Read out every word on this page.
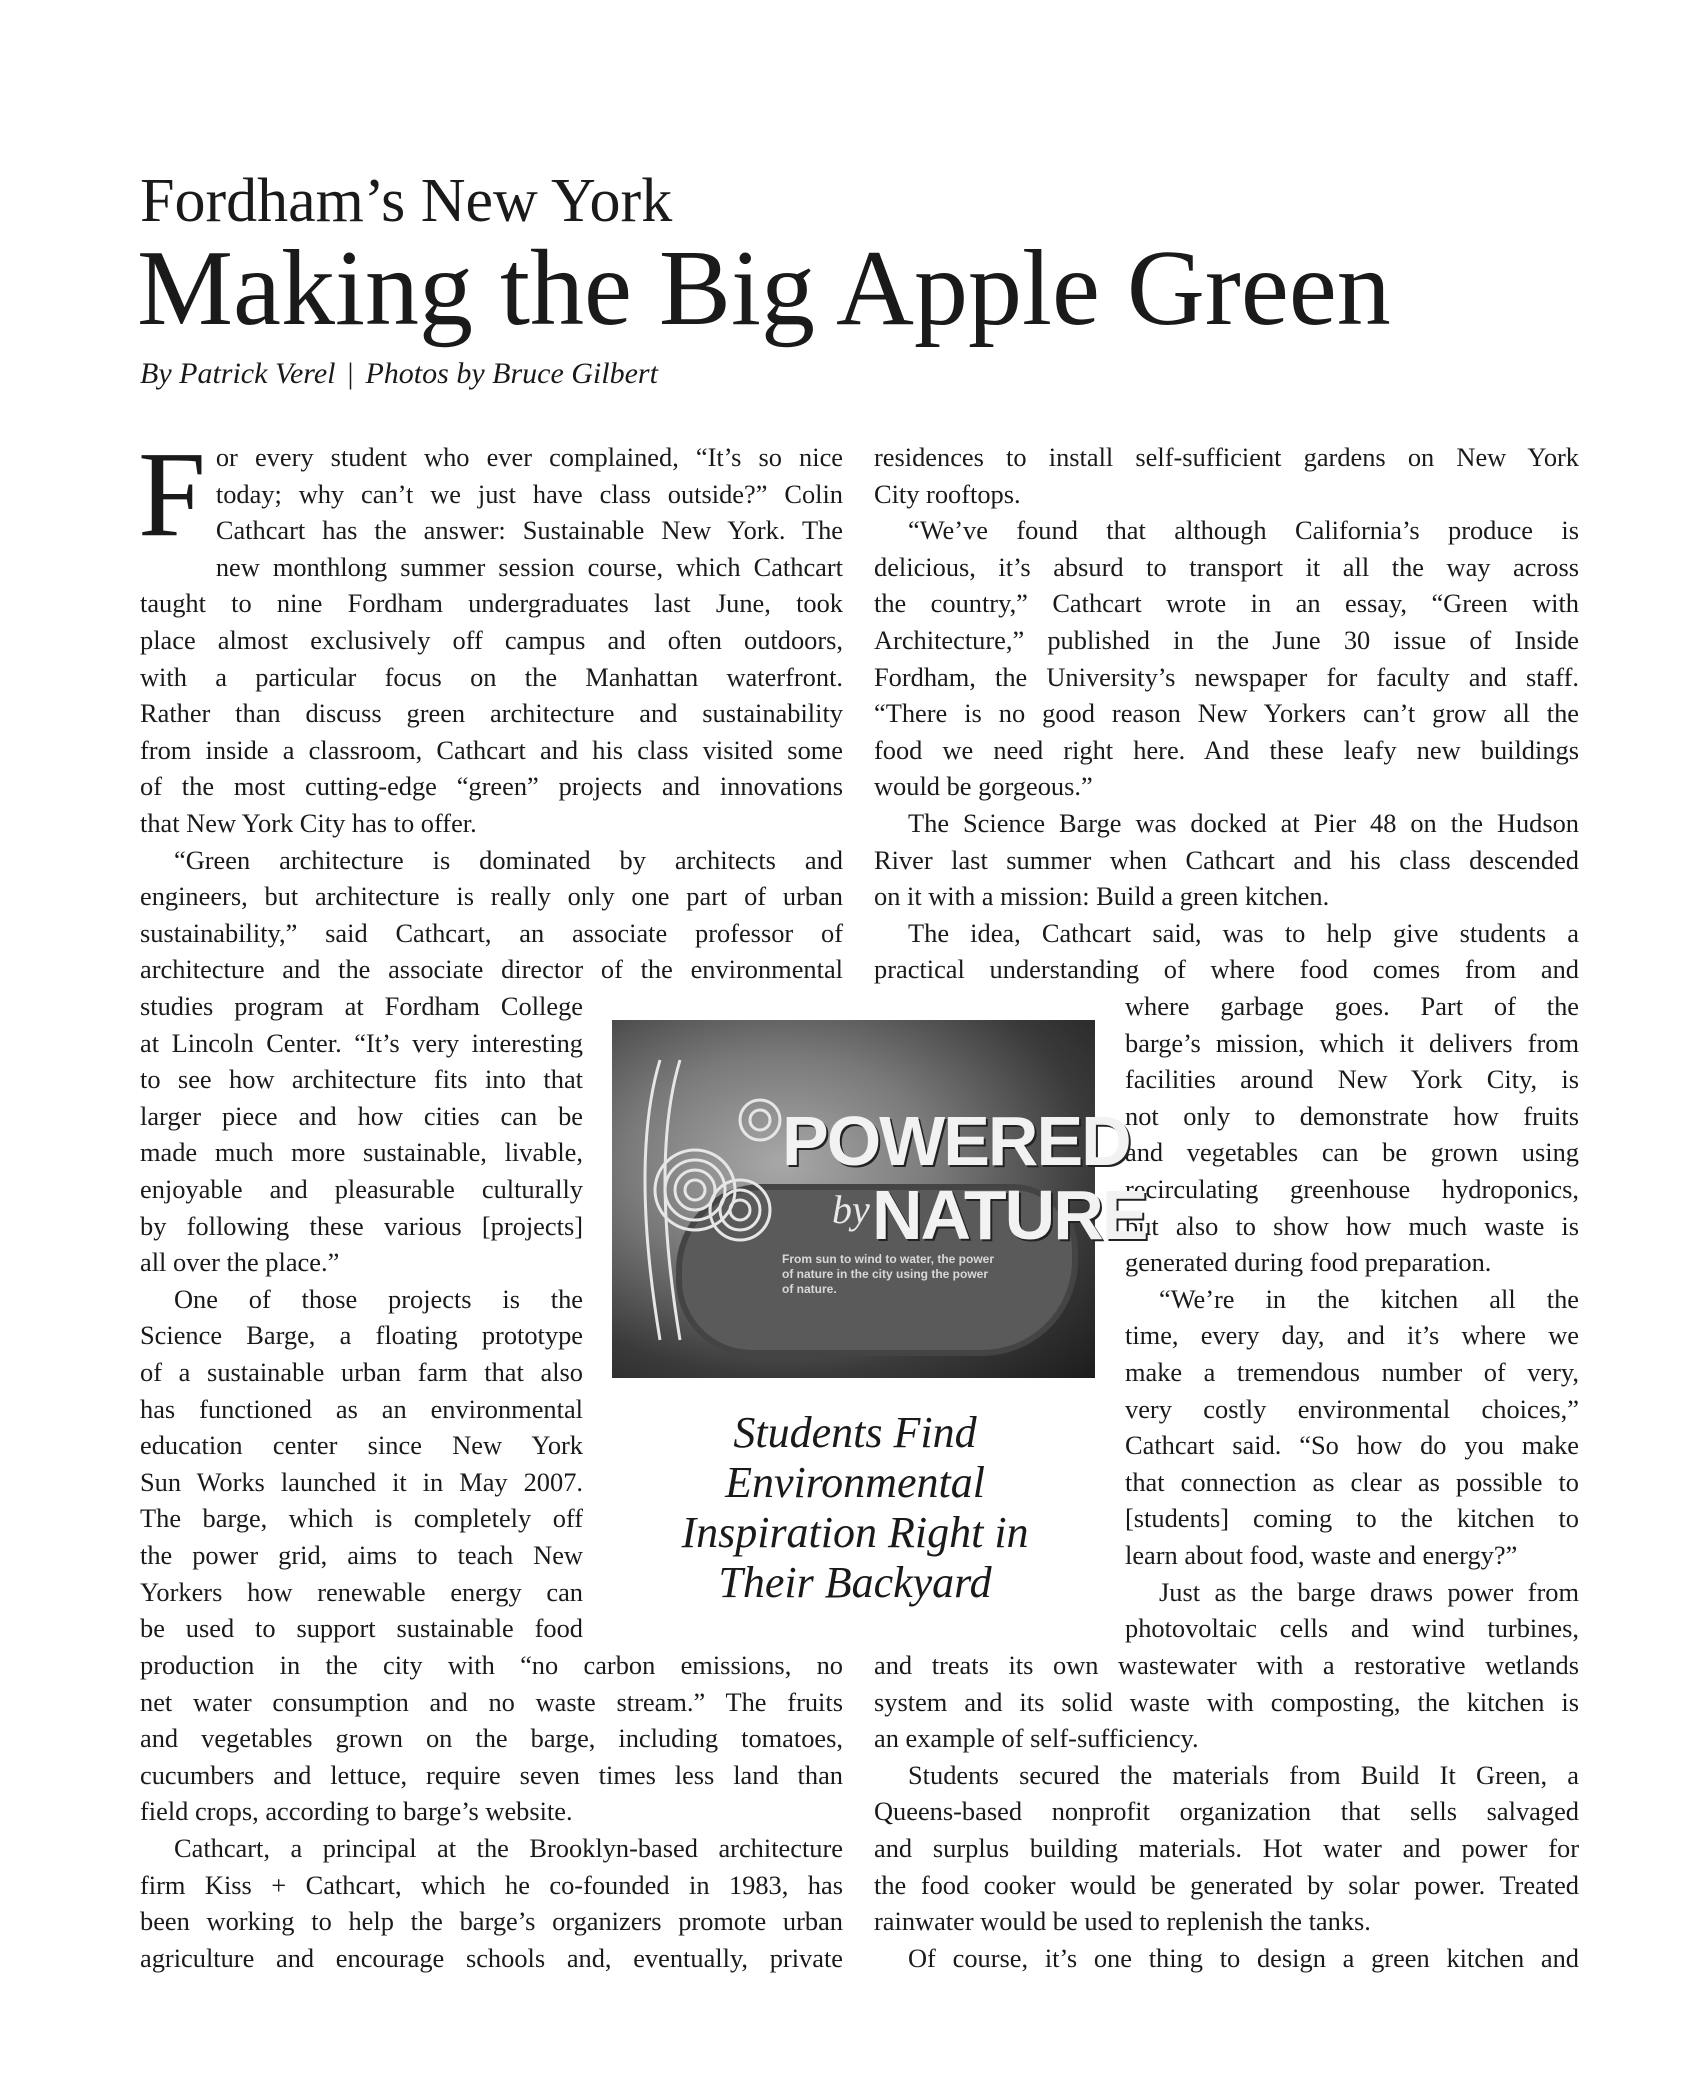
Fordham’s New York
Making the Big Apple Green
By Patrick Verel | Photos by Bruce Gilbert
F or every student who ever complained, “It’s so nice
today; why can’t we just have class outside?” Colin
Cathcart has the answer: Sustainable New York. The
new monthlong summer session course, which Cathcart
taught to nine Fordham undergraduates last June, took
place almost exclusively off campus and often outdoors,
with a particular focus on the Manhattan waterfront.
Rather than discuss green architecture and sustainability
from inside a classroom, Cathcart and his class visited some
of the most cutting-edge “green” projects and innovations
that New York City has to offer.
“Green architecture is dominated by architects and
engineers, but architecture is really only one part of urban
sustainability,” said Cathcart, an associate professor of
architecture and the associate director of the environmental
studies program at Fordham College
at Lincoln Center. “It’s very interesting
to see how architecture fits into that
larger piece and how cities can be
made much more sustainable, livable,
enjoyable and pleasurable culturally
by following these various [projects]
all over the place.”
One of those projects is the
Science Barge, a floating prototype
of a sustainable urban farm that also
has functioned as an environmental
education center since New York
Sun Works launched it in May 2007.
The barge, which is completely off
the power grid, aims to teach New
Yorkers how renewable energy can
be used to support sustainable food
production in the city with “no carbon emissions, no
net water consumption and no waste stream.” The fruits
and vegetables grown on the barge, including tomatoes,
cucumbers and lettuce, require seven times less land than
field crops, according to barge’s website.
Cathcart, a principal at the Brooklyn-based architecture
firm Kiss + Cathcart, which he co-founded in 1983, has
been working to help the barge’s organizers promote urban
agriculture and encourage schools and, eventually, private
residences to install self-sufficient gardens on New York
City rooftops.
“We’ve found that although California’s produce is
delicious, it’s absurd to transport it all the way across
the country,” Cathcart wrote in an essay, “Green with
Architecture,” published in the June 30 issue of Inside
Fordham, the University’s newspaper for faculty and staff.
“There is no good reason New Yorkers can’t grow all the
food we need right here. And these leafy new buildings
would be gorgeous.”
The Science Barge was docked at Pier 48 on the Hudson
River last summer when Cathcart and his class descended
on it with a mission: Build a green kitchen.
The idea, Cathcart said, was to help give students a
practical understanding of where food comes from and
where garbage goes. Part of the
barge’s mission, which it delivers from
facilities around New York City, is
not only to demonstrate how fruits
and vegetables can be grown using
recirculating greenhouse hydroponics,
but also to show how much waste is
generated during food preparation.
“We’re in the kitchen all the
time, every day, and it’s where we
make a tremendous number of very,
very costly environmental choices,”
Cathcart said. “So how do you make
that connection as clear as possible to
[students] coming to the kitchen to
learn about food, waste and energy?”
Just as the barge draws power from
photovoltaic cells and wind turbines,
and treats its own wastewater with a restorative wetlands
system and its solid waste with composting, the kitchen is
an example of self-sufficiency.
Students secured the materials from Build It Green, a
Queens-based nonprofit organization that sells salvaged
and surplus building materials. Hot water and power for
the food cooker would be generated by solar power. Treated
rainwater would be used to replenish the tanks.
Of course, it’s one thing to design a green kitchen and
POWERED
by NATURE
From sun to wind to water, the power of nature in the city using the power of nature.
Students Find
Environmental
Inspiration Right in
Their Backyard
